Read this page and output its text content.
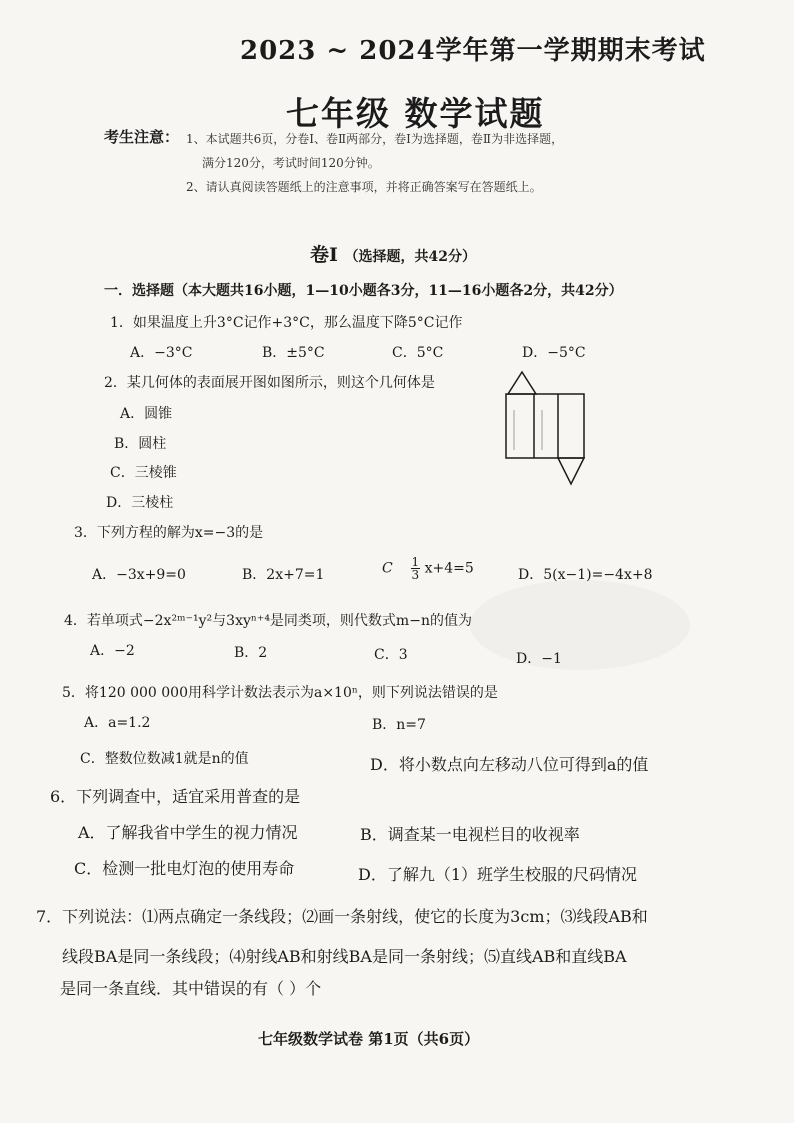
2023 ~ 2024学年第一学期期末考试
七年级 数学试题
考生注意： 1、本试题共6页，分卷Ⅰ、卷Ⅱ两部分，卷Ⅰ为选择题，卷Ⅱ为非选择题，
满分120分，考试时间120分钟。
2、请认真阅读答题纸上的注意事项，并将正确答案写在答题纸上。
卷Ⅰ （选择题，共42分）
一．选择题（本大题共16小题，1—10小题各3分，11—16小题各2分，共42分）
1．如果温度上升3°C记作+3°C，那么温度下降5°C记作
A．−3°C	B．±5°C	C．5°C	D．−5°C
2．某几何体的表面展开图如图所示，则这个几何体是
A．圆锥
B．圆柱
C．三棱锥
D．三棱柱
3．下列方程的解为x=−3的是
A．−3x+9=0	B．2x+7=1	C $\frac{1}{3} x+4=5$	D．5(x−1)=−4x+8
4．若单项式−2x²ᵐ⁻¹y²与3xyⁿ⁺⁴是同类项，则代数式m−n的值为
A．−2	B．2	C．3	D．−1
5．将120 000 000用科学计数法表示为a×10ⁿ，则下列说法错误的是
A．a=1.2	B．n=7
C．整数位数减1就是n的值	D．将小数点向左移动八位可得到a的值
6．下列调查中，适宜采用普查的是
A．了解我省中学生的视力情况	B．调查某一电视栏目的收视率
C．检测一批电灯泡的使用寿命	D．了解九（1）班学生校服的尺码情况
7．下列说法：⑴两点确定一条线段；⑵画一条射线，使它的长度为3cm；⑶线段AB和
线段BA是同一条线段；⑷射线AB和射线BA是同一条射线；⑸直线AB和直线BA
是同一条直线．其中错误的有（ ）个
七年级数学试卷 第1页（共6页）
